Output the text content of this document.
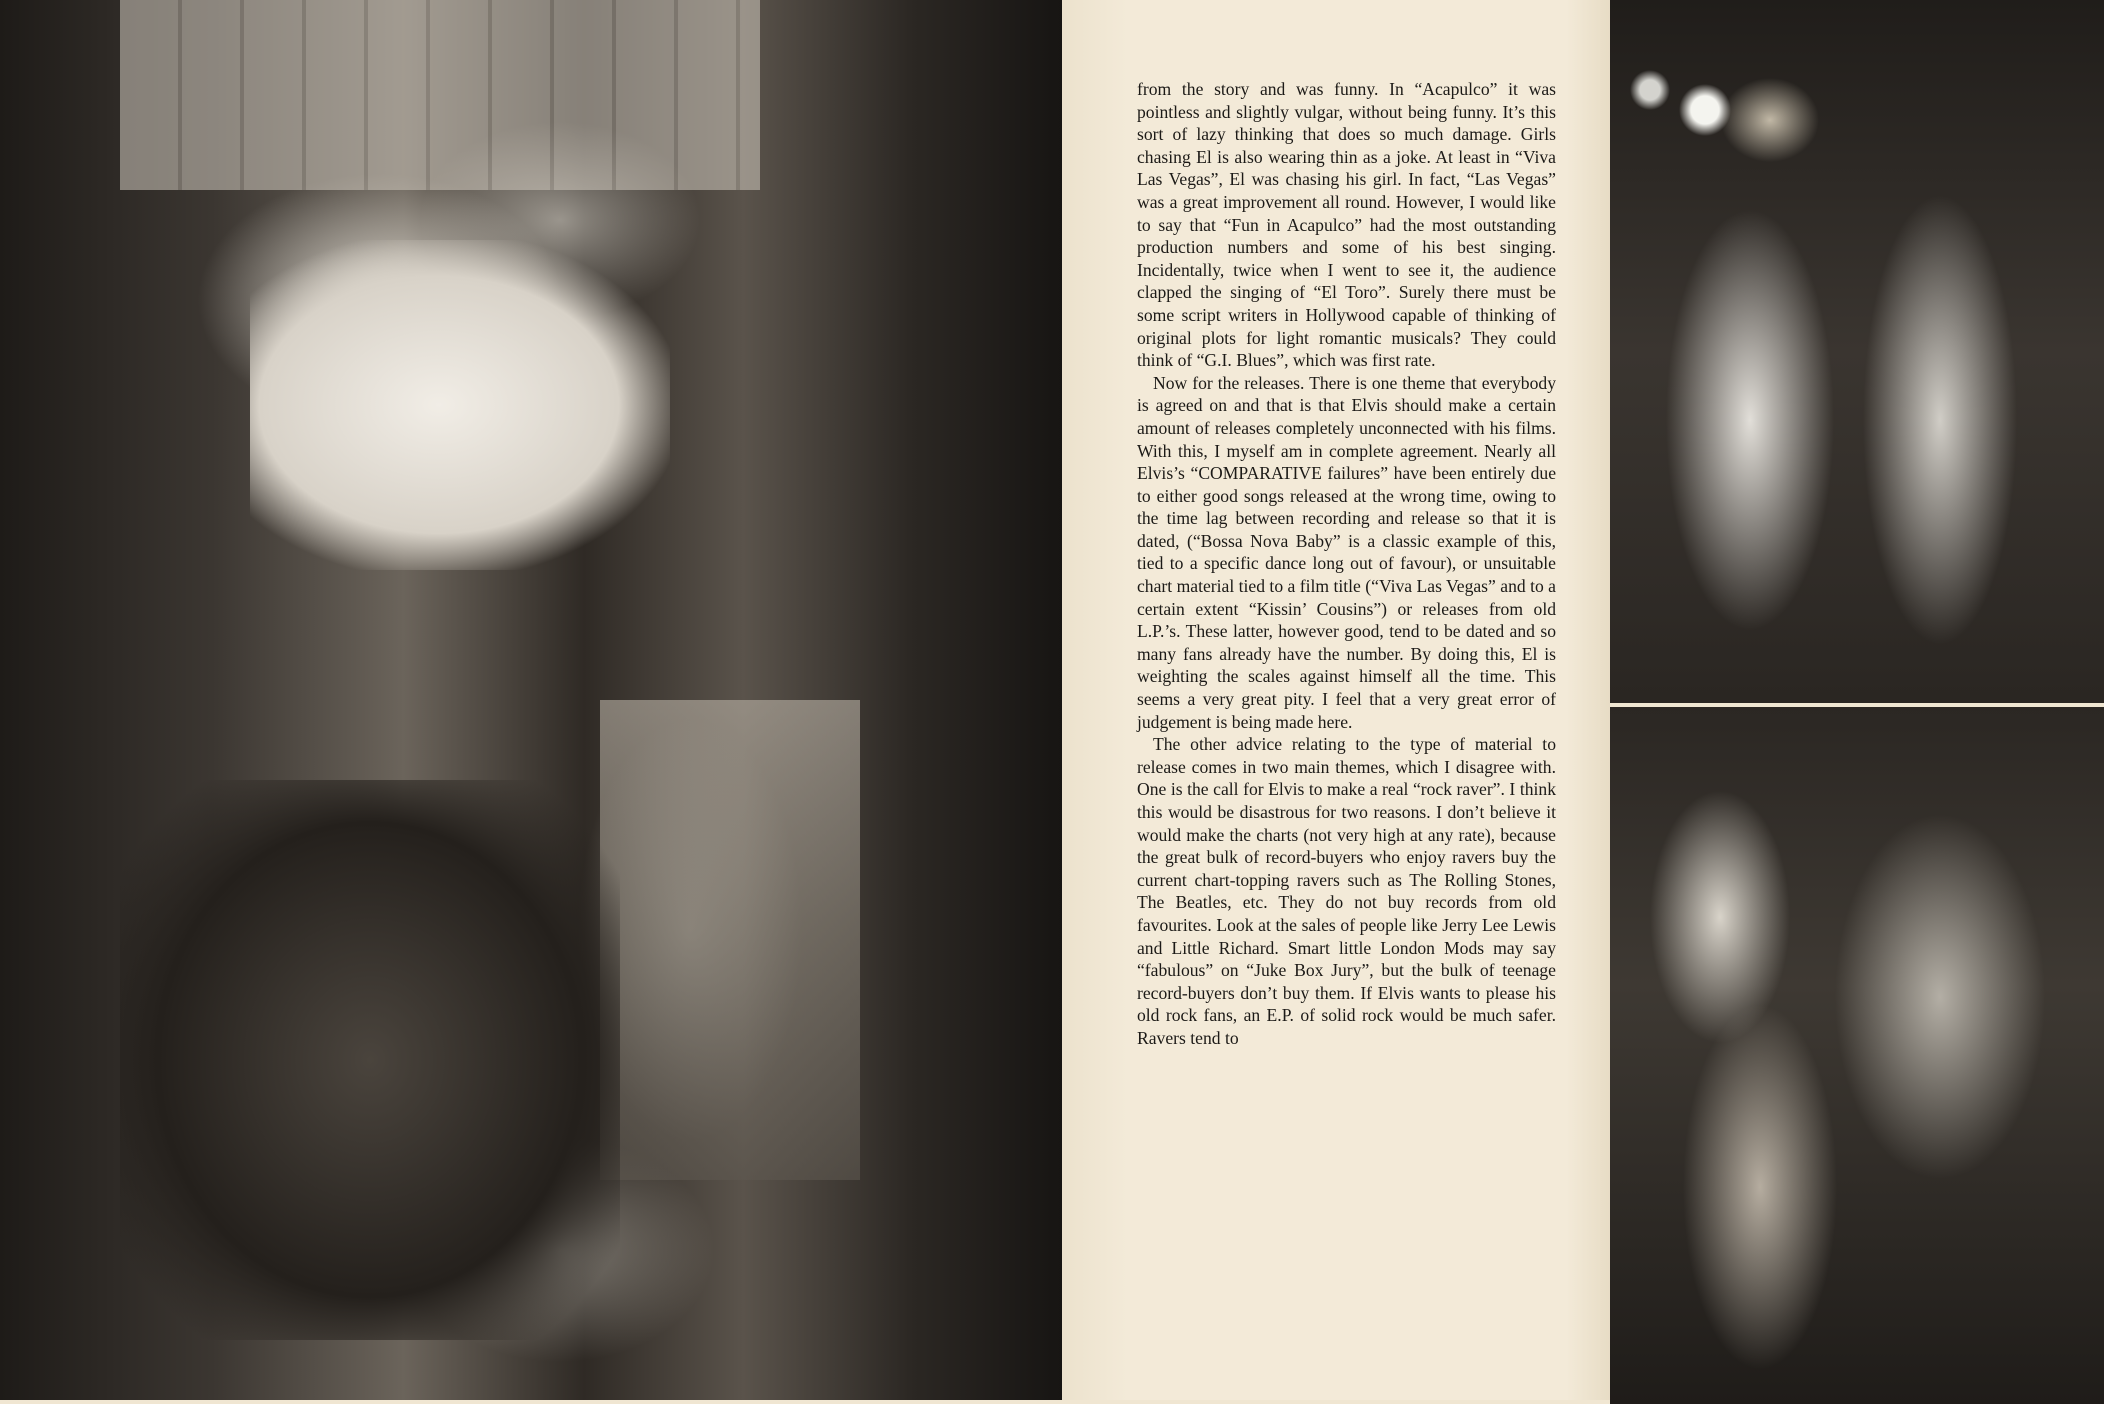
from the story and was funny. In “Acapulco” it was pointless and slightly vulgar, without being funny. It’s this sort of lazy thinking that does so much damage. Girls chasing El is also wearing thin as a joke. At least in “Viva Las Vegas”, El was chasing his girl. In fact, “Las Vegas” was a great improvement all round. However, I would like to say that “Fun in Acapulco” had the most outstanding production numbers and some of his best singing. Incidentally, twice when I went to see it, the audience clapped the singing of “El Toro”. Surely there must be some script writers in Hollywood capable of thinking of original plots for light romantic musicals? They could think of “G.I. Blues”, which was first rate.

Now for the releases. There is one theme that everybody is agreed on and that is that Elvis should make a certain amount of releases completely unconnected with his films. With this, I myself am in complete agreement. Nearly all Elvis’s “COMPARATIVE failures” have been entirely due to either good songs released at the wrong time, owing to the time lag between recording and release so that it is dated, (“Bossa Nova Baby” is a classic example of this, tied to a specific dance long out of favour), or unsuitable chart material tied to a film title (“Viva Las Vegas” and to a certain extent “Kissin’ Cousins”) or releases from old L.P.’s. These latter, however good, tend to be dated and so many fans already have the number. By doing this, El is weighting the scales against himself all the time. This seems a very great pity. I feel that a very great error of judgement is being made here.

The other advice relating to the type of material to release comes in two main themes, which I disagree with. One is the call for Elvis to make a real “rock raver”. I think this would be disastrous for two reasons. I don’t believe it would make the charts (not very high at any rate), because the great bulk of record-buyers who enjoy ravers buy the current chart-topping ravers such as The Rolling Stones, The Beatles, etc. They do not buy records from old favourites. Look at the sales of people like Jerry Lee Lewis and Little Richard. Smart little London Mods may say “fabulous” on “Juke Box Jury”, but the bulk of teenage record-buyers don’t buy them. If Elvis wants to please his old rock fans, an E.P. of solid rock would be much safer. Ravers tend to
